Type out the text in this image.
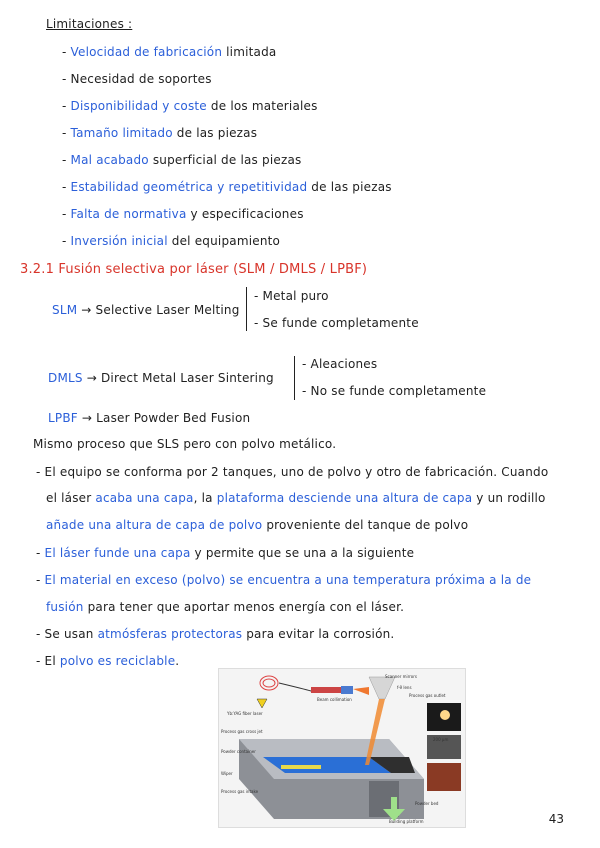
Limitaciones :
- Velocidad de fabricación limitada
- Necesidad de soportes
- Disponibilidad y coste de los materiales
- Tamaño limitado de las piezas
- Mal acabado superficial de las piezas
- Estabilidad geométrica y repetitividad de las piezas
- Falta de normativa y especificaciones
- Inversión inicial del equipamiento
3.2.1 Fusión selectiva por láser (SLM / DMLS / LPBF)
SLM → Selective Laser Melting
- Metal puro
- Se funde completamente
DMLS → Direct Metal Laser Sintering
- Aleaciones
- No se funde completamente
LPBF → Laser Powder Bed Fusion
Mismo proceso que SLS pero con polvo metálico.
- El equipo se conforma por 2 tanques, uno de polvo y otro de fabricación. Cuando
el láser acaba una capa, la plataforma desciende una altura de capa y un rodillo
añade una altura de capa de polvo proveniente del tanque de polvo
- El láser funde una capa y permite que se una a la siguiente
- El material en exceso (polvo) se encuentra a una temperatura próxima a la de
fusión para tener que aportar menos energía con el láser.
- Se usan atmósferas protectoras para evitar la corrosión.
- El polvo es reciclable.
Scanner mirrors
Yb:YAG fiber laser
Beam collimation
f-θ lens
Process gas outlet
Process gas cross jet
Powder container
Wiper
Process gas intake
Powder bed
Building platform
200 µm
43
